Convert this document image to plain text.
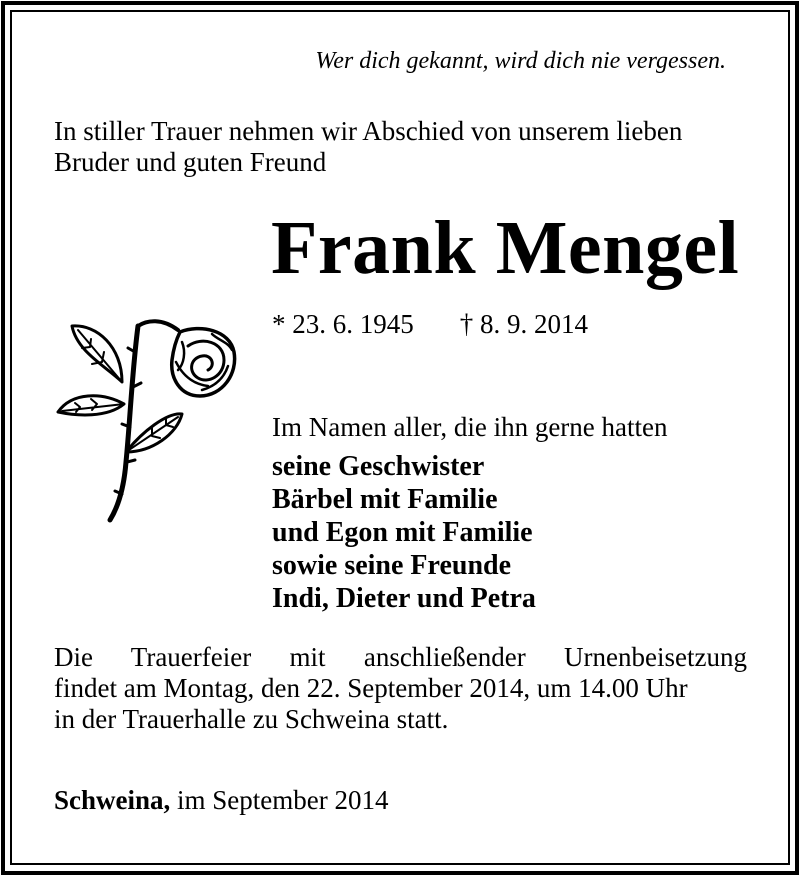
Wer dich gekannt, wird dich nie vergessen.
In stiller Trauer nehmen wir Abschied von unserem lieben Bruder und guten Freund
Frank Mengel
* 23. 6. 1945 † 8. 9. 2014
Im Namen aller, die ihn gerne hatten
seine Geschwister
Bärbel mit Familie
und Egon mit Familie
sowie seine Freunde
Indi, Dieter und Petra
Die Trauerfeier mit anschließender Urnenbeisetzung
findet am Montag, den 22. September 2014, um 14.00 Uhr
in der Trauerhalle zu Schweina statt.
Schweina, im September 2014
